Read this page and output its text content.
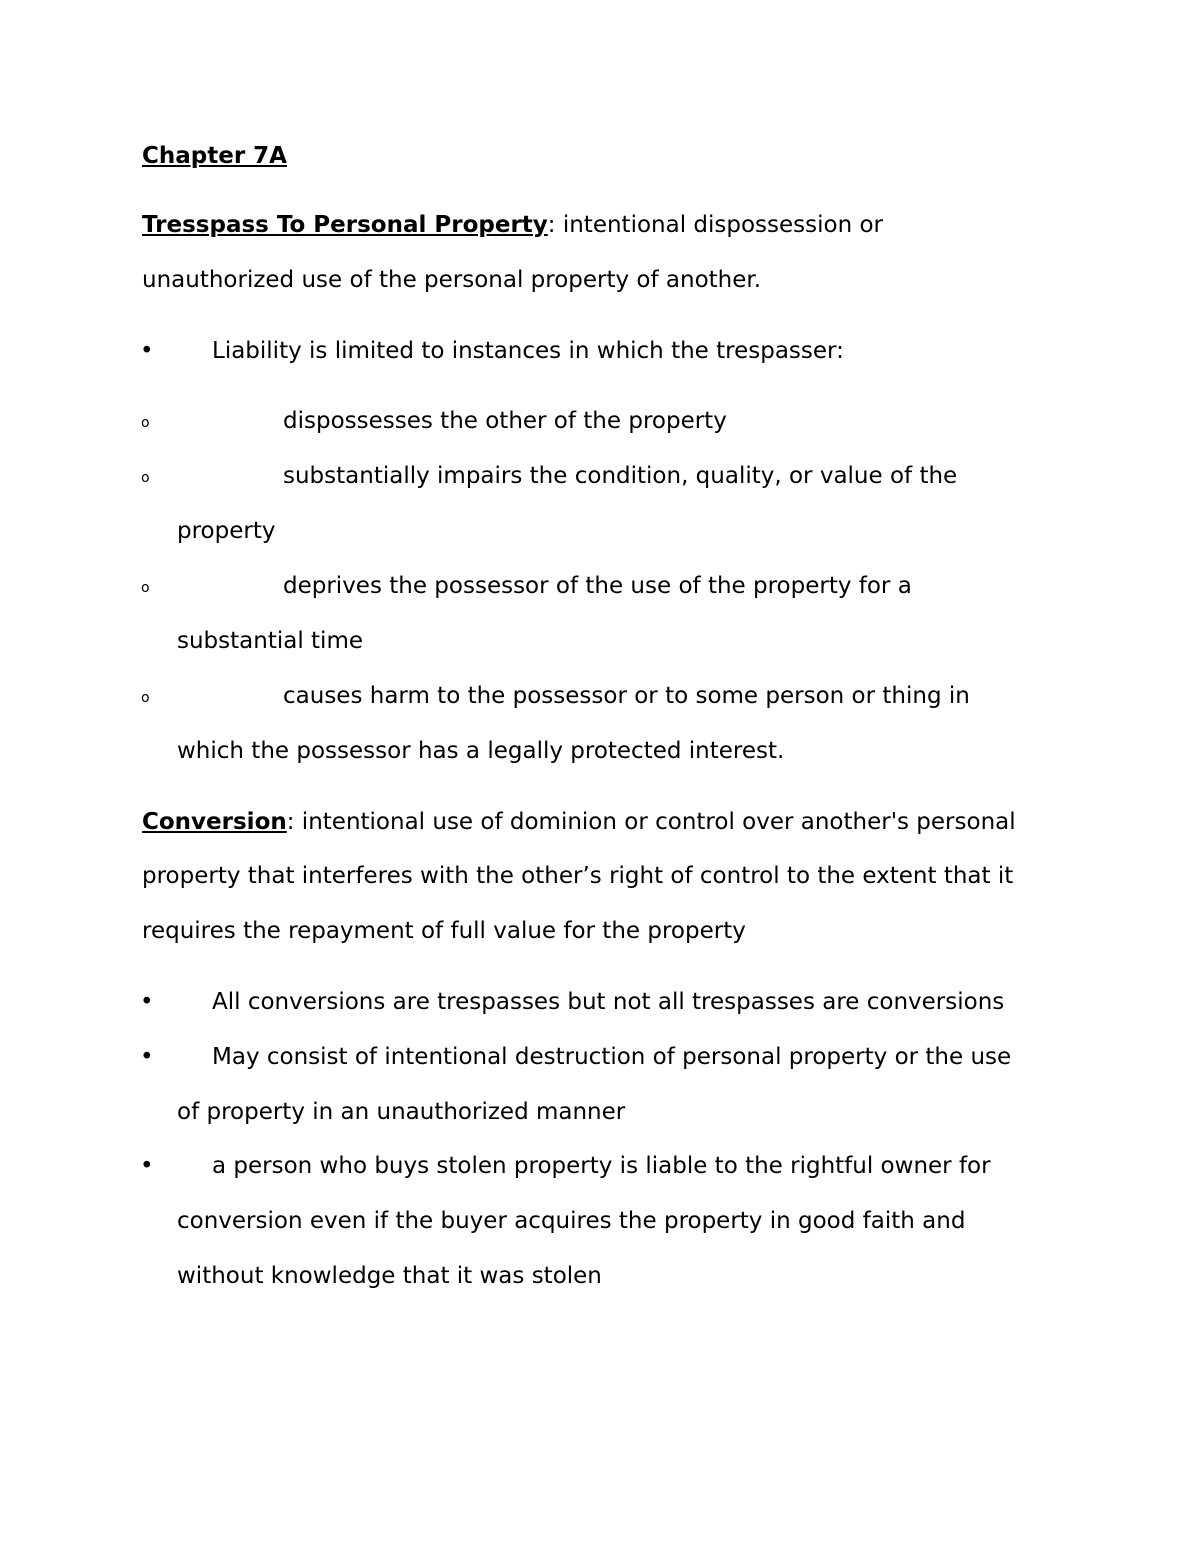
Chapter 7A
Tresspass To Personal Property: intentional dispossession or
unauthorized use of the personal property of another.
•	Liability is limited to instances in which the trespasser:
o	dispossesses the other of the property
o	substantially impairs the condition, quality, or value of the
property
o	deprives the possessor of the use of the property for a
substantial time
o	causes harm to the possessor or to some person or thing in
which the possessor has a legally protected interest.
Conversion: intentional use of dominion or control over another's personal
property that interferes with the other’s right of control to the extent that it
requires the repayment of full value for the property
•	All conversions are trespasses but not all trespasses are conversions
•	May consist of intentional destruction of personal property or the use
of property in an unauthorized manner
•	a person who buys stolen property is liable to the rightful owner for
conversion even if the buyer acquires the property in good faith and
without knowledge that it was stolen
